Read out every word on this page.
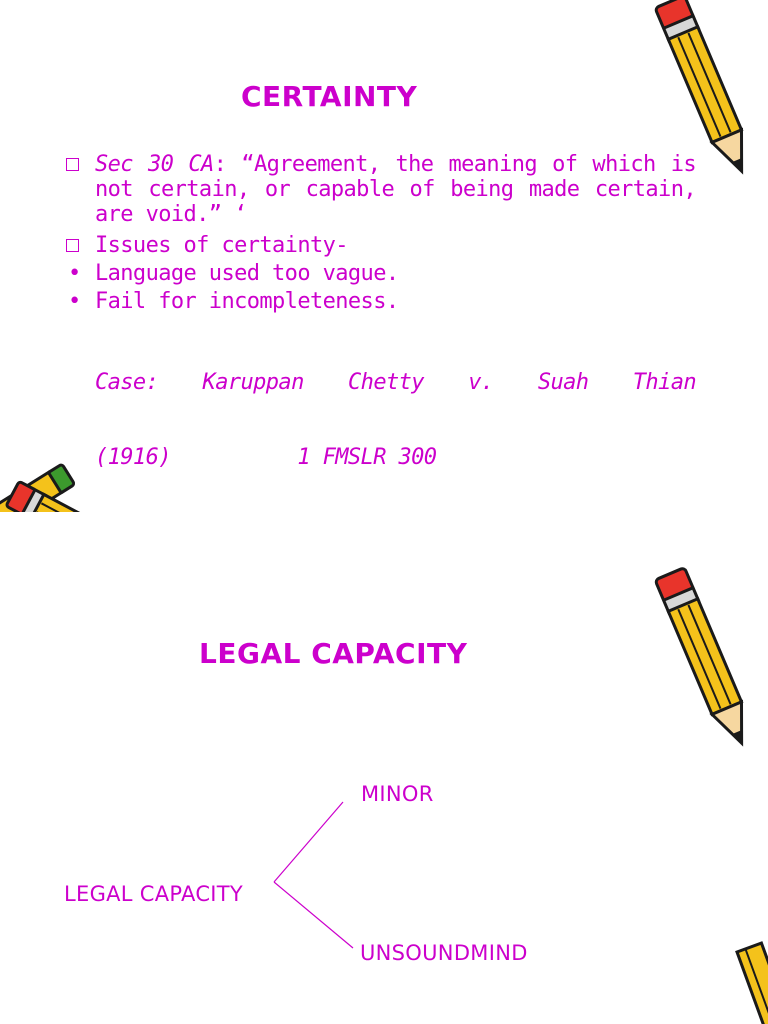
CERTAINTY
Sec 30 CA: “Agreement, the meaning of which is not certain, or capable of being made certain, are void.” ‘
Issues of certainty-
• Language used too vague.
• Fail for incompleteness.

Case:  Karuppan  Chetty  v.  Suah  Thian

(1916)          1 FMSLR 300

LEGAL CAPACITY
MINOR
LEGAL CAPACITY
UNSOUNDMIND
